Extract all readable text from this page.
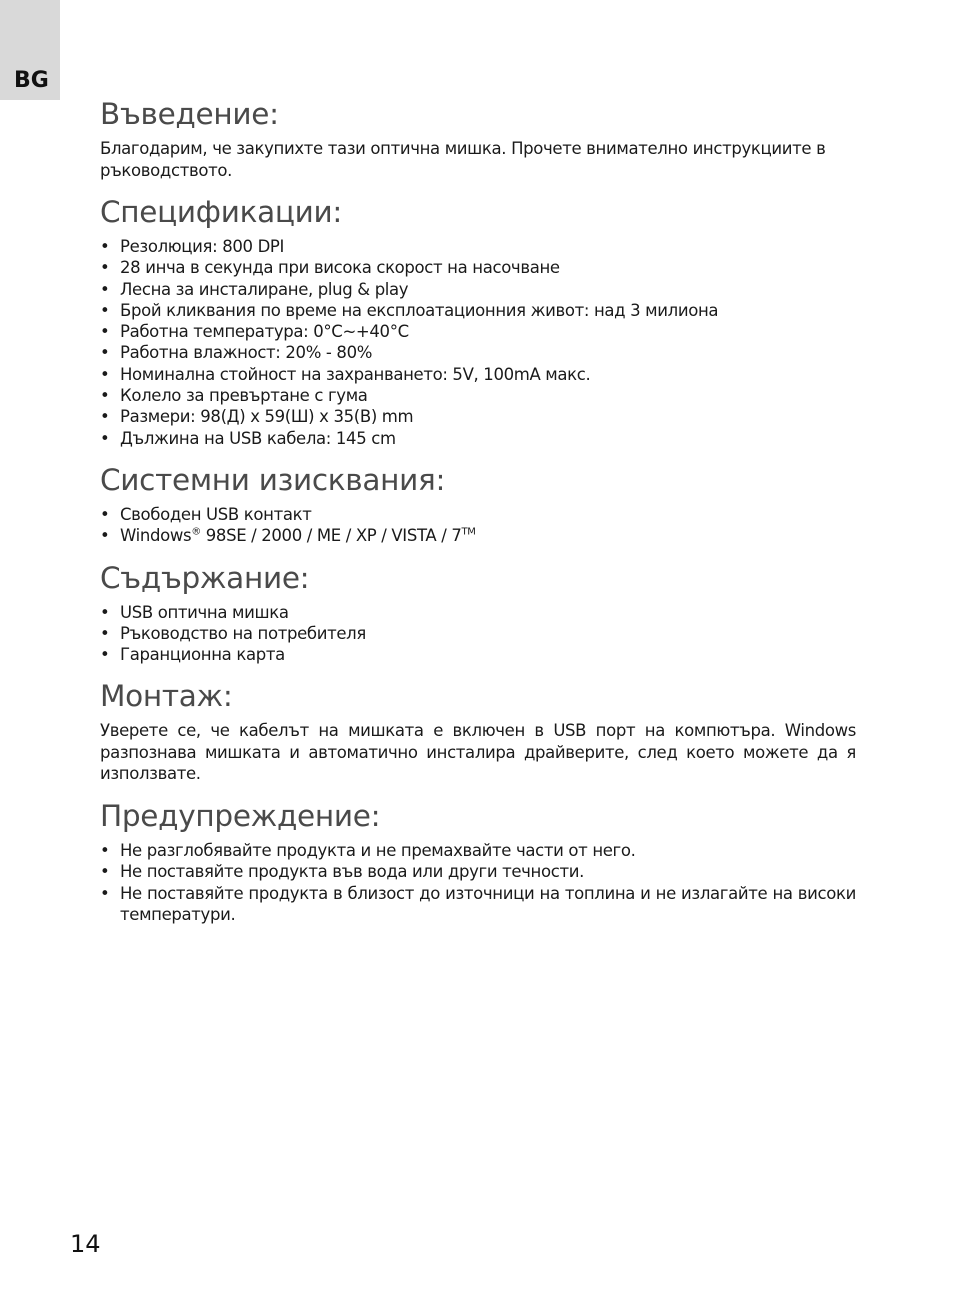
BG
Въведение:

Благодарим, че закупихте тази оптична мишка. Прочете внимателно инструкциите в ръководството.

Спецификации:
• Резолюция: 800 DPI
• 28 инча в секунда при висока скорост на насочване
• Лесна за инсталиране, plug & play
• Брой кликвания по време на експлоатационния живот: над 3 милиона
• Работна температура: 0°C~+40°C
• Работна влажност: 20% - 80%
• Номинална стойност на захранването: 5V, 100mA макс.
• Колело за превъртане с гума
• Размери: 98(Д) x 59(Ш) x 35(В) mm
• Дължина на USB кабела: 145 cm
Системни изисквания:
• Свободен USB контакт
• Windows® 98SE / 2000 / ME / XP / VISTA / 7™
Съдържание:
• USB оптична мишка
• Ръководство на потребителя
• Гаранционна карта
Монтаж:

Уверете се, че кабелът на мишката е включен в USB порт на компютъра. Windows разпознава мишката и автоматично инсталира драйверите, след което можете да я използвате.

Предупреждение:
• Не разглобявайте продукта и не премахвайте части от него.
• Не поставяйте продукта във вода или други течности.
• Не поставяйте продукта в близост до източници на топлина и не излагайте на високи температури.
14
